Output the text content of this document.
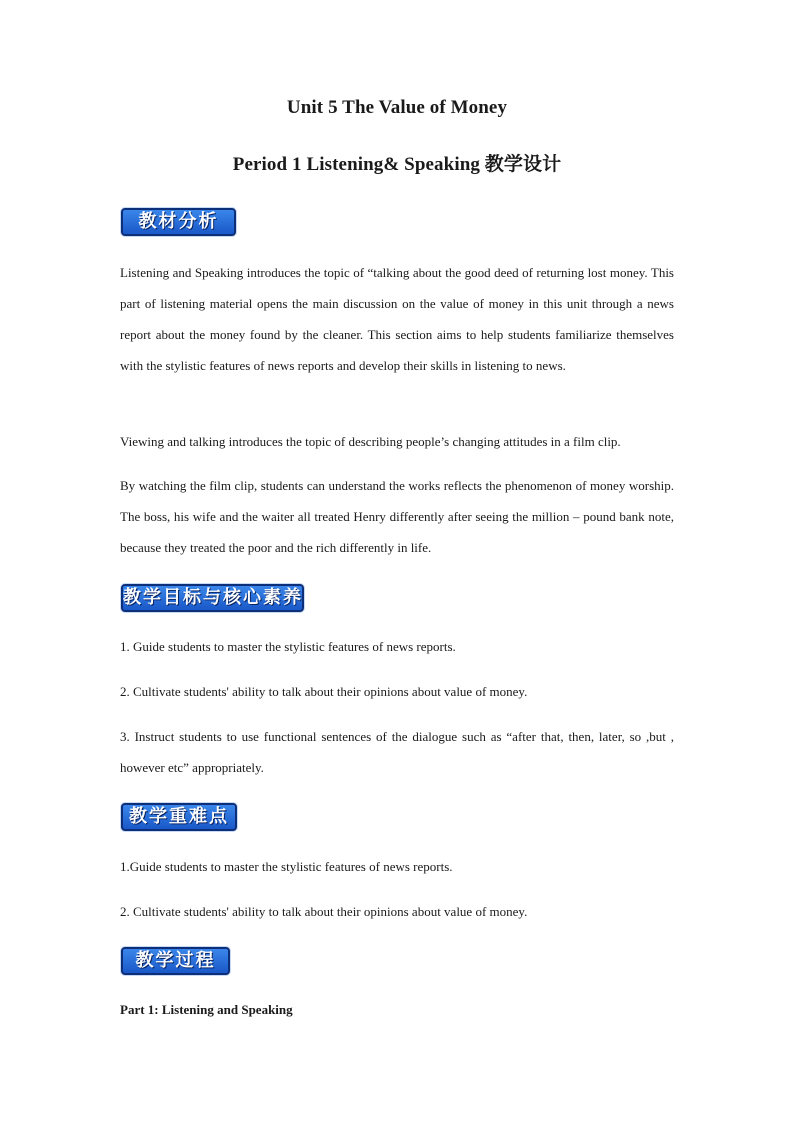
Unit 5 The Value of Money
Period 1 Listening& Speaking 教学设计
教材分析
Listening and Speaking introduces the topic of “talking about the good deed of returning lost money. This part of listening material opens the main discussion on the value of money in this unit through a news report about the money found by the cleaner. This section aims to help students familiarize themselves with the stylistic features of news reports and develop their skills in listening to news.
Viewing and talking introduces the topic of describing people’s changing attitudes in a film clip.
By watching the film clip, students can understand the works reflects the phenomenon of money worship. The boss, his wife and the waiter all treated Henry differently after seeing the million – pound bank note, because they treated the poor and the rich differently in life.
教学目标与核心素养
1. Guide students to master the stylistic features of news reports.
2. Cultivate students' ability to talk about their opinions about value of money.
3. Instruct students to use functional sentences of the dialogue such as “after that, then, later, so ,but , however etc” appropriately.
教学重难点
1.Guide students to master the stylistic features of news reports.
2. Cultivate students' ability to talk about their opinions about value of money.
教学过程
Part 1: Listening and Speaking
